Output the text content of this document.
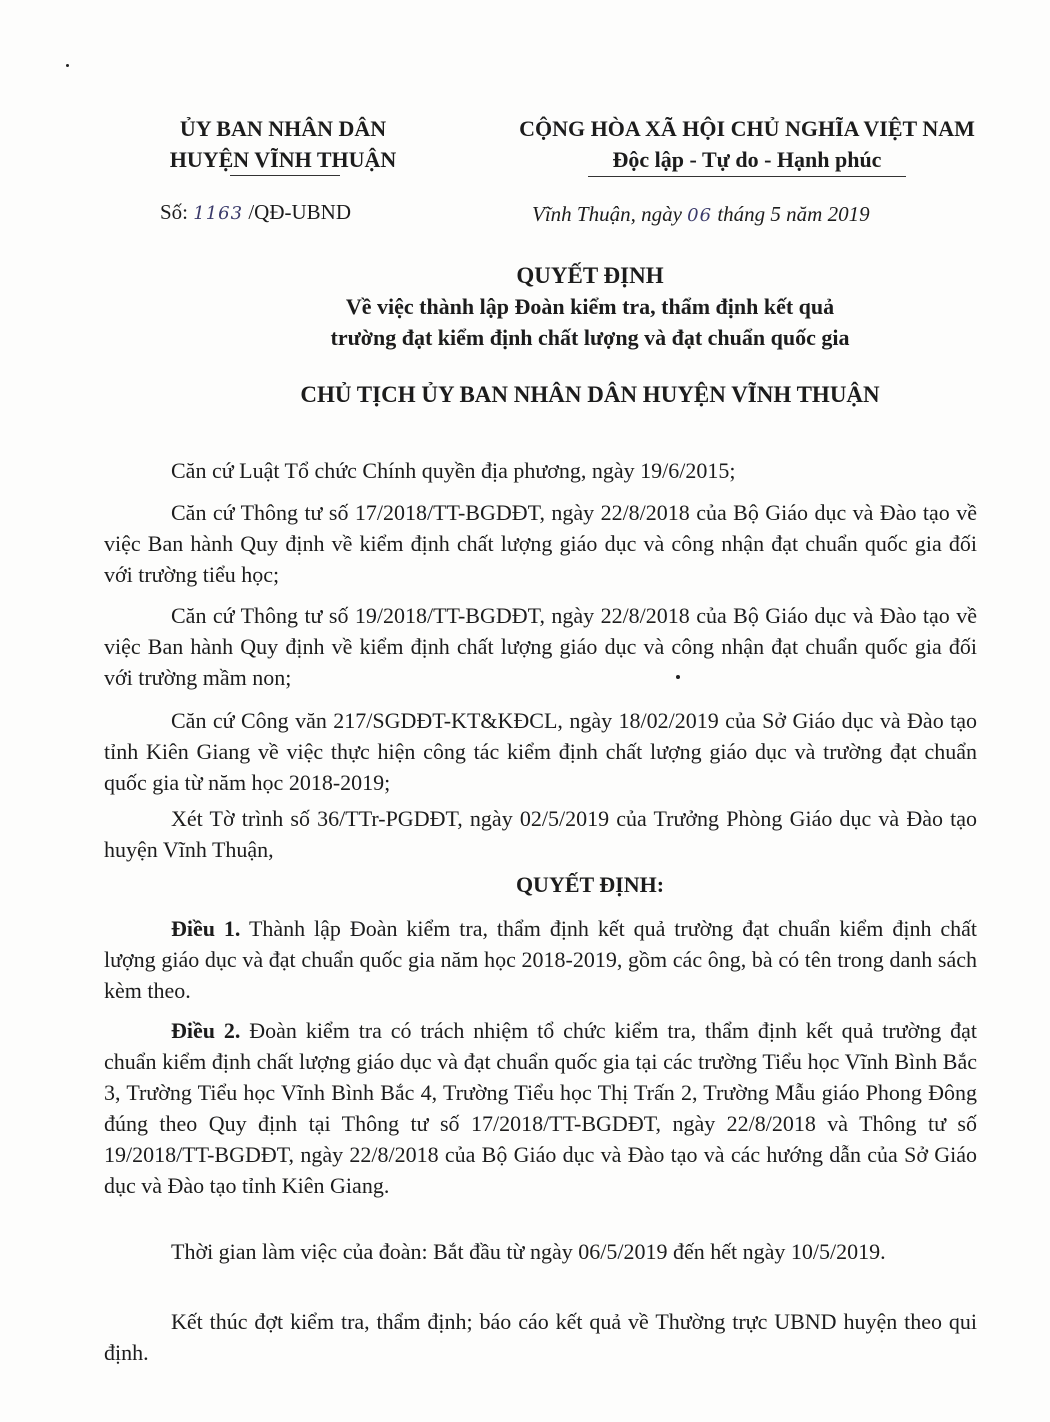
ỦY BAN NHÂN DÂN
HUYỆN VĨNH THUẬN
CỘNG HÒA XÃ HỘI CHỦ NGHĨA VIỆT NAM
Độc lập - Tự do - Hạnh phúc
Số: 1163 /QĐ-UBND	Vĩnh Thuận, ngày 06 tháng 5 năm 2019
QUYẾT ĐỊNH
Về việc thành lập Đoàn kiểm tra, thẩm định kết quả
trường đạt kiểm định chất lượng và đạt chuẩn quốc gia
CHỦ TỊCH ỦY BAN NHÂN DÂN HUYỆN VĨNH THUẬN
Căn cứ Luật Tổ chức Chính quyền địa phương, ngày 19/6/2015;
Căn cứ Thông tư số 17/2018/TT-BGDĐT, ngày 22/8/2018 của Bộ Giáo dục và Đào tạo về việc Ban hành Quy định về kiểm định chất lượng giáo dục và công nhận đạt chuẩn quốc gia đối với trường tiểu học;
Căn cứ Thông tư số 19/2018/TT-BGDĐT, ngày 22/8/2018 của Bộ Giáo dục và Đào tạo về việc Ban hành Quy định về kiểm định chất lượng giáo dục và công nhận đạt chuẩn quốc gia đối với trường mầm non;
Căn cứ Công văn 217/SGDĐT-KT&KĐCL, ngày 18/02/2019 của Sở Giáo dục và Đào tạo tỉnh Kiên Giang về việc thực hiện công tác kiểm định chất lượng giáo dục và trường đạt chuẩn quốc gia từ năm học 2018-2019;
Xét Tờ trình số 36/TTr-PGDĐT, ngày 02/5/2019 của Trưởng Phòng Giáo dục và Đào tạo huyện Vĩnh Thuận,
QUYẾT ĐỊNH:
Điều 1. Thành lập Đoàn kiểm tra, thẩm định kết quả trường đạt chuẩn kiểm định chất lượng giáo dục và đạt chuẩn quốc gia năm học 2018-2019, gồm các ông, bà có tên trong danh sách kèm theo.
Điều 2. Đoàn kiểm tra có trách nhiệm tổ chức kiểm tra, thẩm định kết quả trường đạt chuẩn kiểm định chất lượng giáo dục và đạt chuẩn quốc gia tại các trường Tiểu học Vĩnh Bình Bắc 3, Trường Tiểu học Vĩnh Bình Bắc 4, Trường Tiểu học Thị Trấn 2, Trường Mẫu giáo Phong Đông đúng theo Quy định tại Thông tư số 17/2018/TT-BGDĐT, ngày 22/8/2018 và Thông tư số 19/2018/TT-BGDĐT, ngày 22/8/2018 của Bộ Giáo dục và Đào tạo và các hướng dẫn của Sở Giáo dục và Đào tạo tỉnh Kiên Giang.
Thời gian làm việc của đoàn: Bắt đầu từ ngày 06/5/2019 đến hết ngày 10/5/2019.
Kết thúc đợt kiểm tra, thẩm định; báo cáo kết quả về Thường trực UBND huyện theo qui định.
